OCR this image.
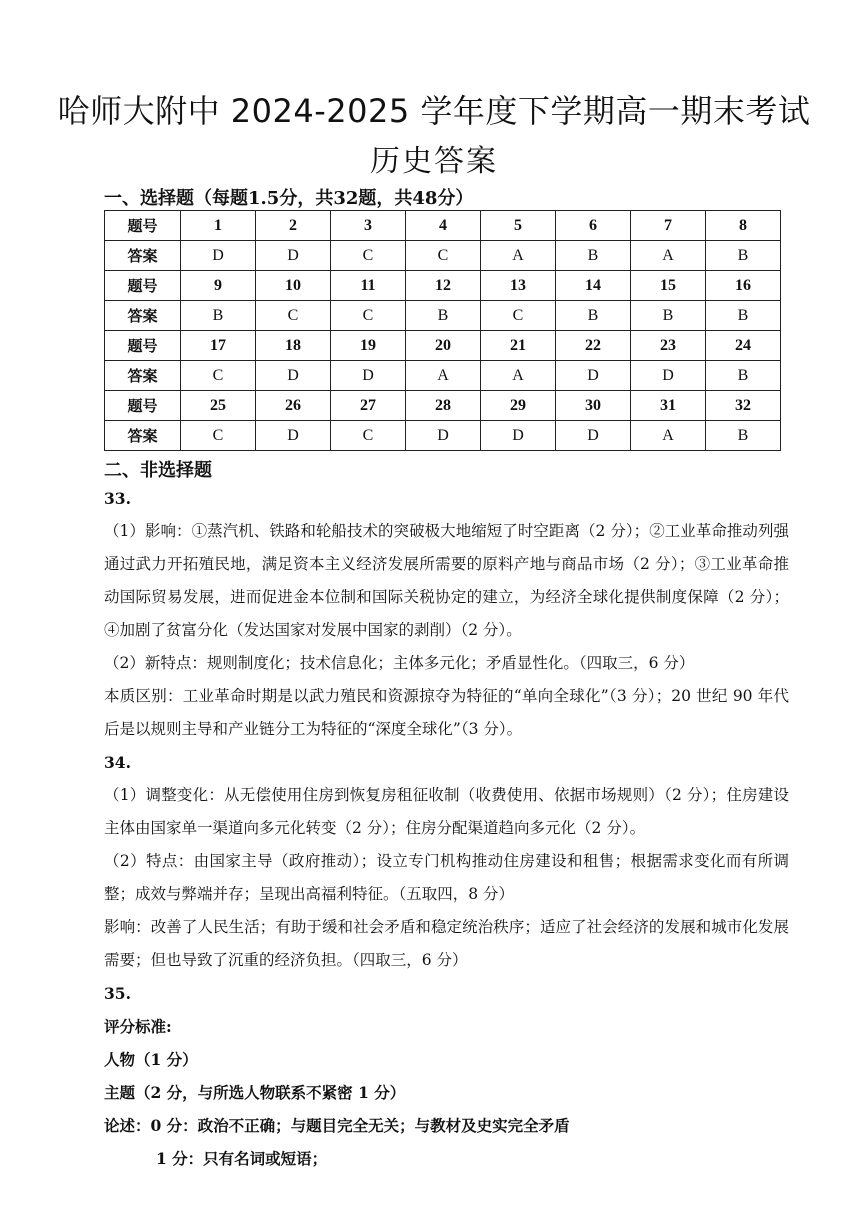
哈师大附中 2024-2025 学年度下学期高一期末考试
历史答案
一、选择题（每题1.5分，共32题，共48分）
题号	1	2	3	4	5	6	7	8
答案	D	D	C	C	A	B	A	B
题号	9	10	11	12	13	14	15	16
答案	B	C	C	B	C	B	B	B
题号	17	18	19	20	21	22	23	24
答案	C	D	D	A	A	D	D	B
题号	25	26	27	28	29	30	31	32
答案	C	D	C	D	D	D	A	B
二、非选择题

33.

（1）影响：①蒸汽机、铁路和轮船技术的突破极大地缩短了时空距离（2 分）；②工业革命推动列强通过武力开拓殖民地，满足资本主义经济发展所需要的原料产地与商品市场（2 分）；③工业革命推动国际贸易发展，进而促进金本位制和国际关税协定的建立，为经济全球化提供制度保障（2 分）；④加剧了贫富分化（发达国家对发展中国家的剥削）（2 分）。

（2）新特点：规则制度化；技术信息化；主体多元化；矛盾显性化。（四取三，6 分）

本质区别：工业革命时期是以武力殖民和资源掠夺为特征的“单向全球化”（3 分）；20 世纪 90 年代后是以规则主导和产业链分工为特征的“深度全球化”（3 分）。

34.

（1）调整变化：从无偿使用住房到恢复房租征收制（收费使用、依据市场规则）（2 分）；住房建设主体由国家单一渠道向多元化转变（2 分）；住房分配渠道趋向多元化（2 分）。

（2）特点：由国家主导（政府推动）；设立专门机构推动住房建设和租售；根据需求变化而有所调整；成效与弊端并存；呈现出高福利特征。（五取四，8 分）

影响：改善了人民生活；有助于缓和社会矛盾和稳定统治秩序；适应了社会经济的发展和城市化发展需要；但也导致了沉重的经济负担。（四取三，6 分）

35.

评分标准:

人物（1 分）

主题（2 分，与所选人物联系不紧密 1 分）

论述：0 分：政治不正确；与题目完全无关；与教材及史实完全矛盾

1 分：只有名词或短语；
